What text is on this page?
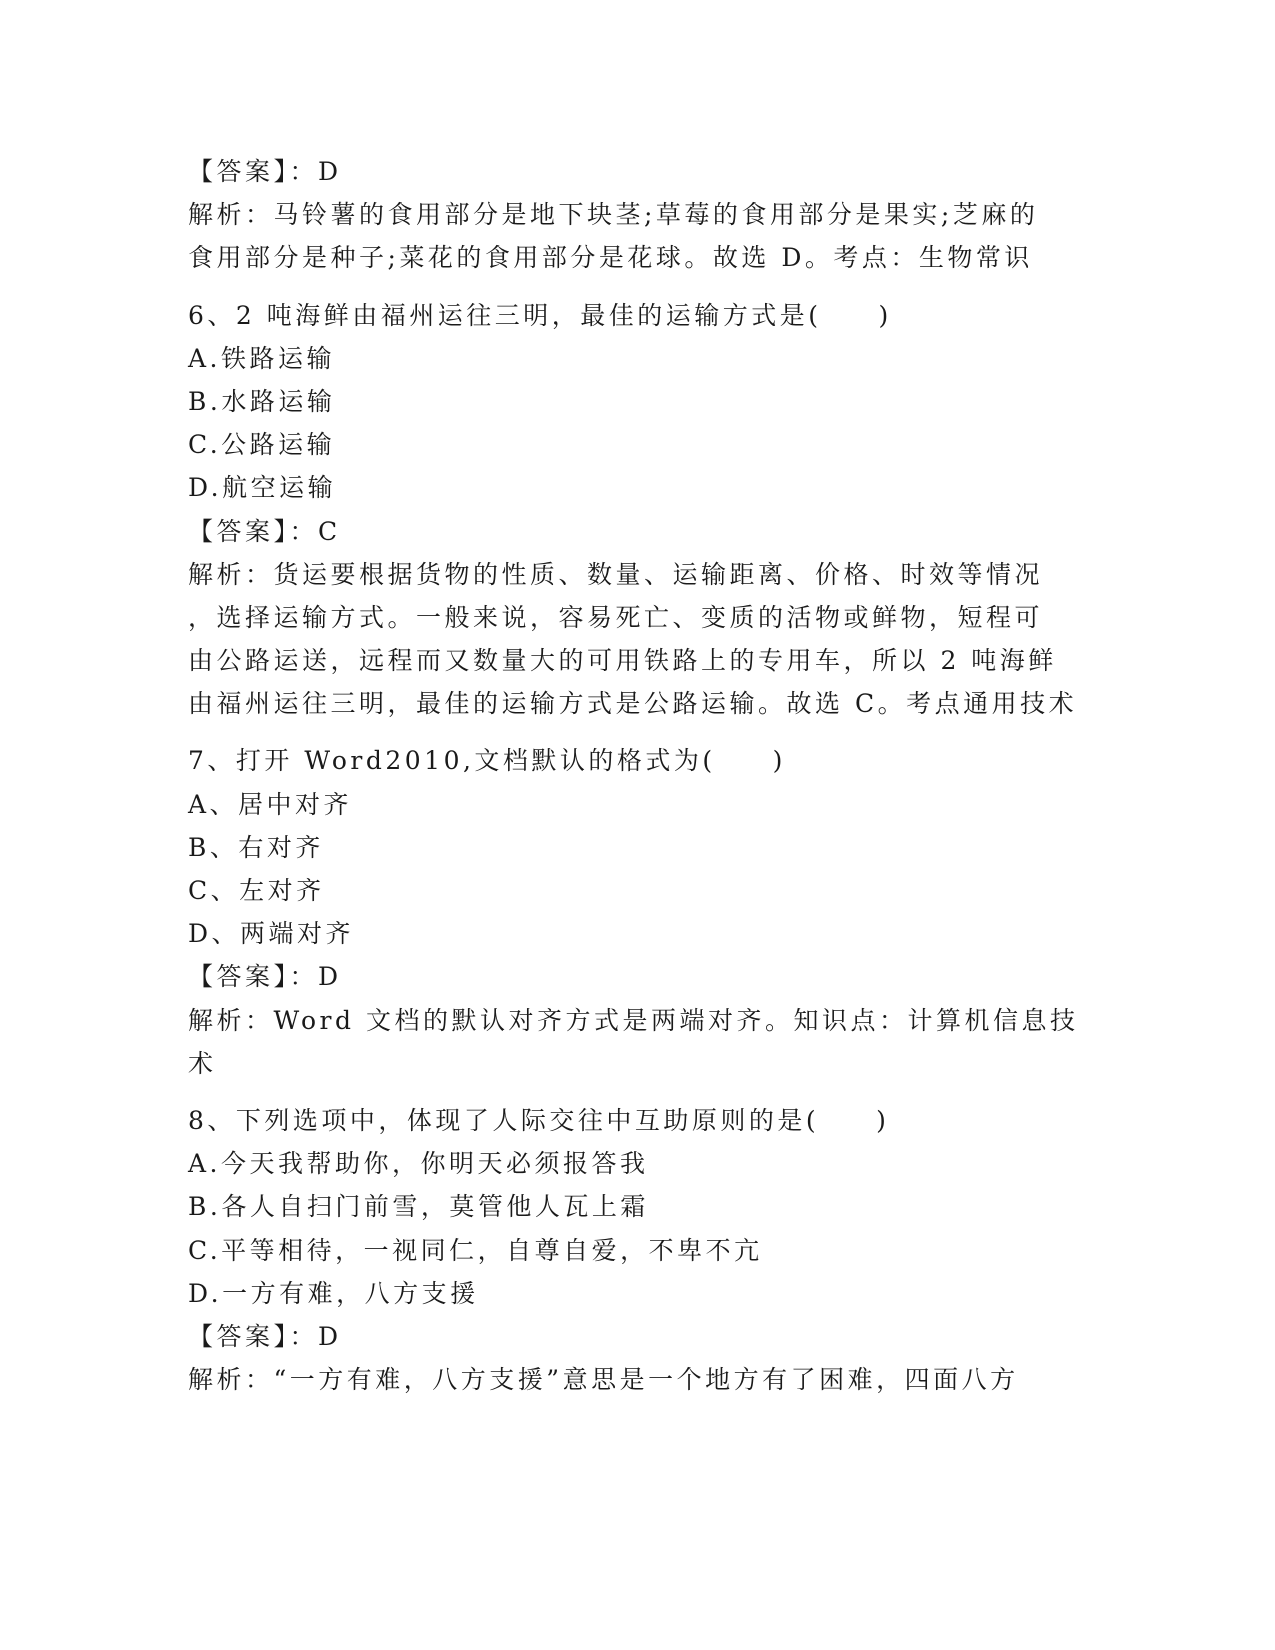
【答案】：D
解析：马铃薯的食用部分是地下块茎;草莓的食用部分是果实;芝麻的
食用部分是种子;菜花的食用部分是花球。故选 D。考点：生物常识
6、2 吨海鲜由福州运往三明，最佳的运输方式是(　　)
A.铁路运输
B.水路运输
C.公路运输
D.航空运输
【答案】：C
解析：货运要根据货物的性质、数量、运输距离、价格、时效等情况
，选择运输方式。一般来说，容易死亡、变质的活物或鲜物，短程可
由公路运送，远程而又数量大的可用铁路上的专用车，所以 2 吨海鲜
由福州运往三明，最佳的运输方式是公路运输。故选 C。考点通用技术
7、打开 Word2010,文档默认的格式为(　　)
A、居中对齐
B、右对齐
C、左对齐
D、两端对齐
【答案】：D
解析：Word 文档的默认对齐方式是两端对齐。知识点：计算机信息技
术
8、下列选项中，体现了人际交往中互助原则的是(　　)
A.今天我帮助你，你明天必须报答我
B.各人自扫门前雪，莫管他人瓦上霜
C.平等相待，一视同仁，自尊自爱，不卑不亢
D.一方有难，八方支援
【答案】：D
解析：“一方有难，八方支援”意思是一个地方有了困难，四面八方
